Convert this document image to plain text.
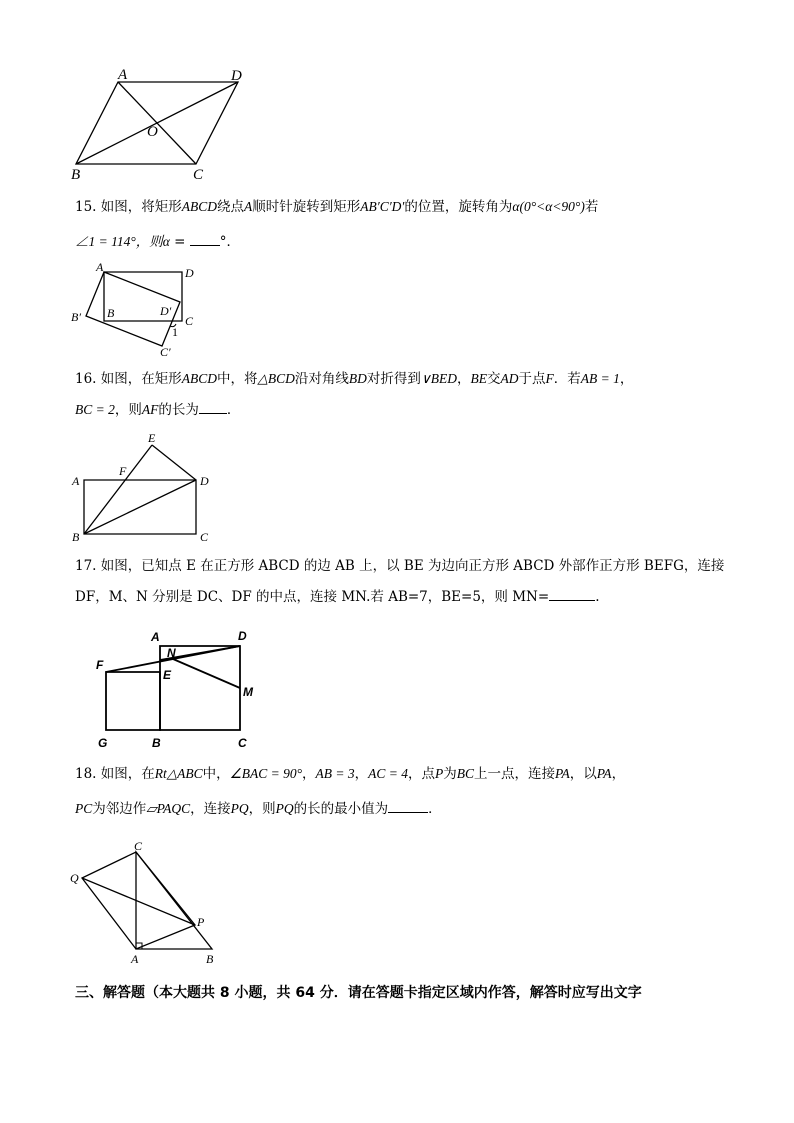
A	D
O
B	C
15. 如图，将矩形ABCD绕点A顺时针旋转到矩形AB′C′D′的位置，旋转角为α(0°<α<90°)若
∠1 = 114°，则α =	°．
A	D
B	D′
B′	C
1
C′
16. 如图，在矩形ABCD中，将△BCD沿对角线BD对折得到∨BED，BE交AD于点F．若AB = 1，
BC = 2，则AF的长为 ．
E
F
A	D
B	C
17. 如图，已知点 E 在正方形 ABCD 的边 AB 上，以 BE 为边向正方形 ABCD 外部作正方形 BEFG，连接
DF，M、N 分别是 DC、DF 的中点，连接 MN.若 AB=7，BE=5，则 MN=	.
A	D
N
F
E
M
G	B	C
18. 如图，在Rt△ABC中，∠BAC = 90°，AB = 3，AC = 4，点P为BC上一点，连接PA，以PA，
PC为邻边作▱PAQC，连接PQ，则PQ的长的最小值为	．
C
Q
P
A	B
三、解答题（本大题共 8 小题，共 64 分．请在答题卡指定区域内作答，解答时应写出文字
